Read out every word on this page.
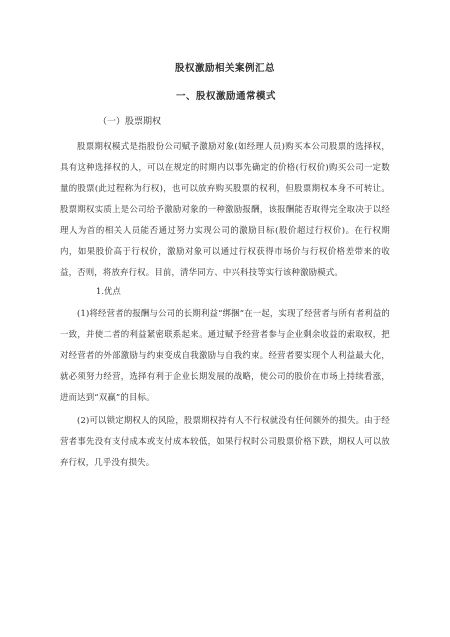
股权激励相关案例汇总
一、股权激励通常模式
（一）股票期权

股票期权模式是指股份公司赋予激励对象(如经理人员)购买本公司股票的选择权，具有这种选择权的人，可以在规定的时期内以事先确定的价格(行权价)购买公司一定数量的股票(此过程称为行权)，也可以放弃购买股票的权利，但股票期权本身不可转让。股票期权实质上是公司给予激励对象的一种激励报酬，该报酬能否取得完全取决于以经理人为首的相关人员能否通过努力实现公司的激励目标(股价超过行权价)。在行权期内，如果股价高于行权价，激励对象可以通过行权获得市场价与行权价格差带来的收益，否则，将放弃行权。目前，清华同方、中兴科技等实行该种激励模式。

1.优点

(1)将经营者的报酬与公司的长期利益“绑捆”在一起，实现了经营者与所有者利益的一致，并使二者的利益紧密联系起来。通过赋予经营者参与企业剩余收益的索取权，把对经营者的外部激励与约束变成自我激励与自我约束。经营者要实现个人利益最大化，就必须努力经营，选择有利于企业长期发展的战略，使公司的股价在市场上持续看涨，进而达到“双赢”的目标。

(2)可以锁定期权人的风险，股票期权持有人不行权就没有任何额外的损失。由于经营者事先没有支付成本或支付成本较低，如果行权时公司股票价格下跌，期权人可以放弃行权，几乎没有损失。
